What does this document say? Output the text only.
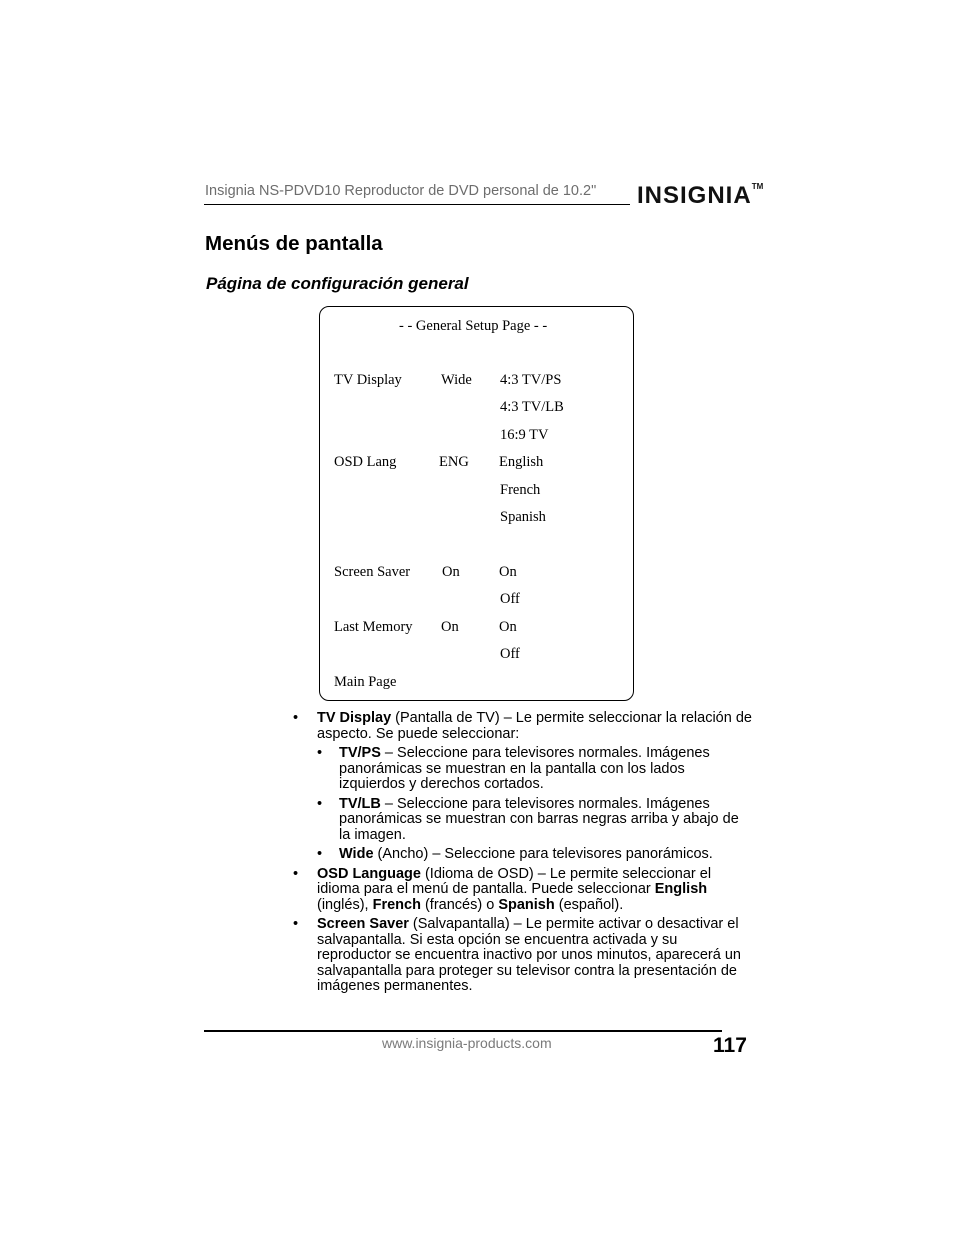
Insignia NS-PDVD10 Reproductor de DVD personal de 10.2" INSIGNIA™
Menús de pantalla
Página de configuración general
- - General Setup Page - -
TV Display	Wide 4:3 TV/PS
4:3 TV/LB
16:9 TV
OSD Lang	ENG English
French
Spanish
Screen Saver On	On
Off
Last Memory On	On
Off
Main Page
• TV Display (Pantalla de TV) – Le permite seleccionar la relación de aspecto. Se puede seleccionar:
• TV/PS – Seleccione para televisores normales. Imágenes panorámicas se muestran en la pantalla con los lados izquierdos y derechos cortados.
• TV/LB – Seleccione para televisores normales. Imágenes panorámicas se muestran con barras negras arriba y abajo de la imagen.
• Wide (Ancho) – Seleccione para televisores panorámicos.
• OSD Language (Idioma de OSD) – Le permite seleccionar el idioma para el menú de pantalla. Puede seleccionar English (inglés), French (francés) o Spanish (español).
• Screen Saver (Salvapantalla) – Le permite activar o desactivar el salvapantalla. Si esta opción se encuentra activada y su reproductor se encuentra inactivo por unos minutos, aparecerá un salvapantalla para proteger su televisor contra la presentación de imágenes permanentes.
www.insignia-products.com	117
